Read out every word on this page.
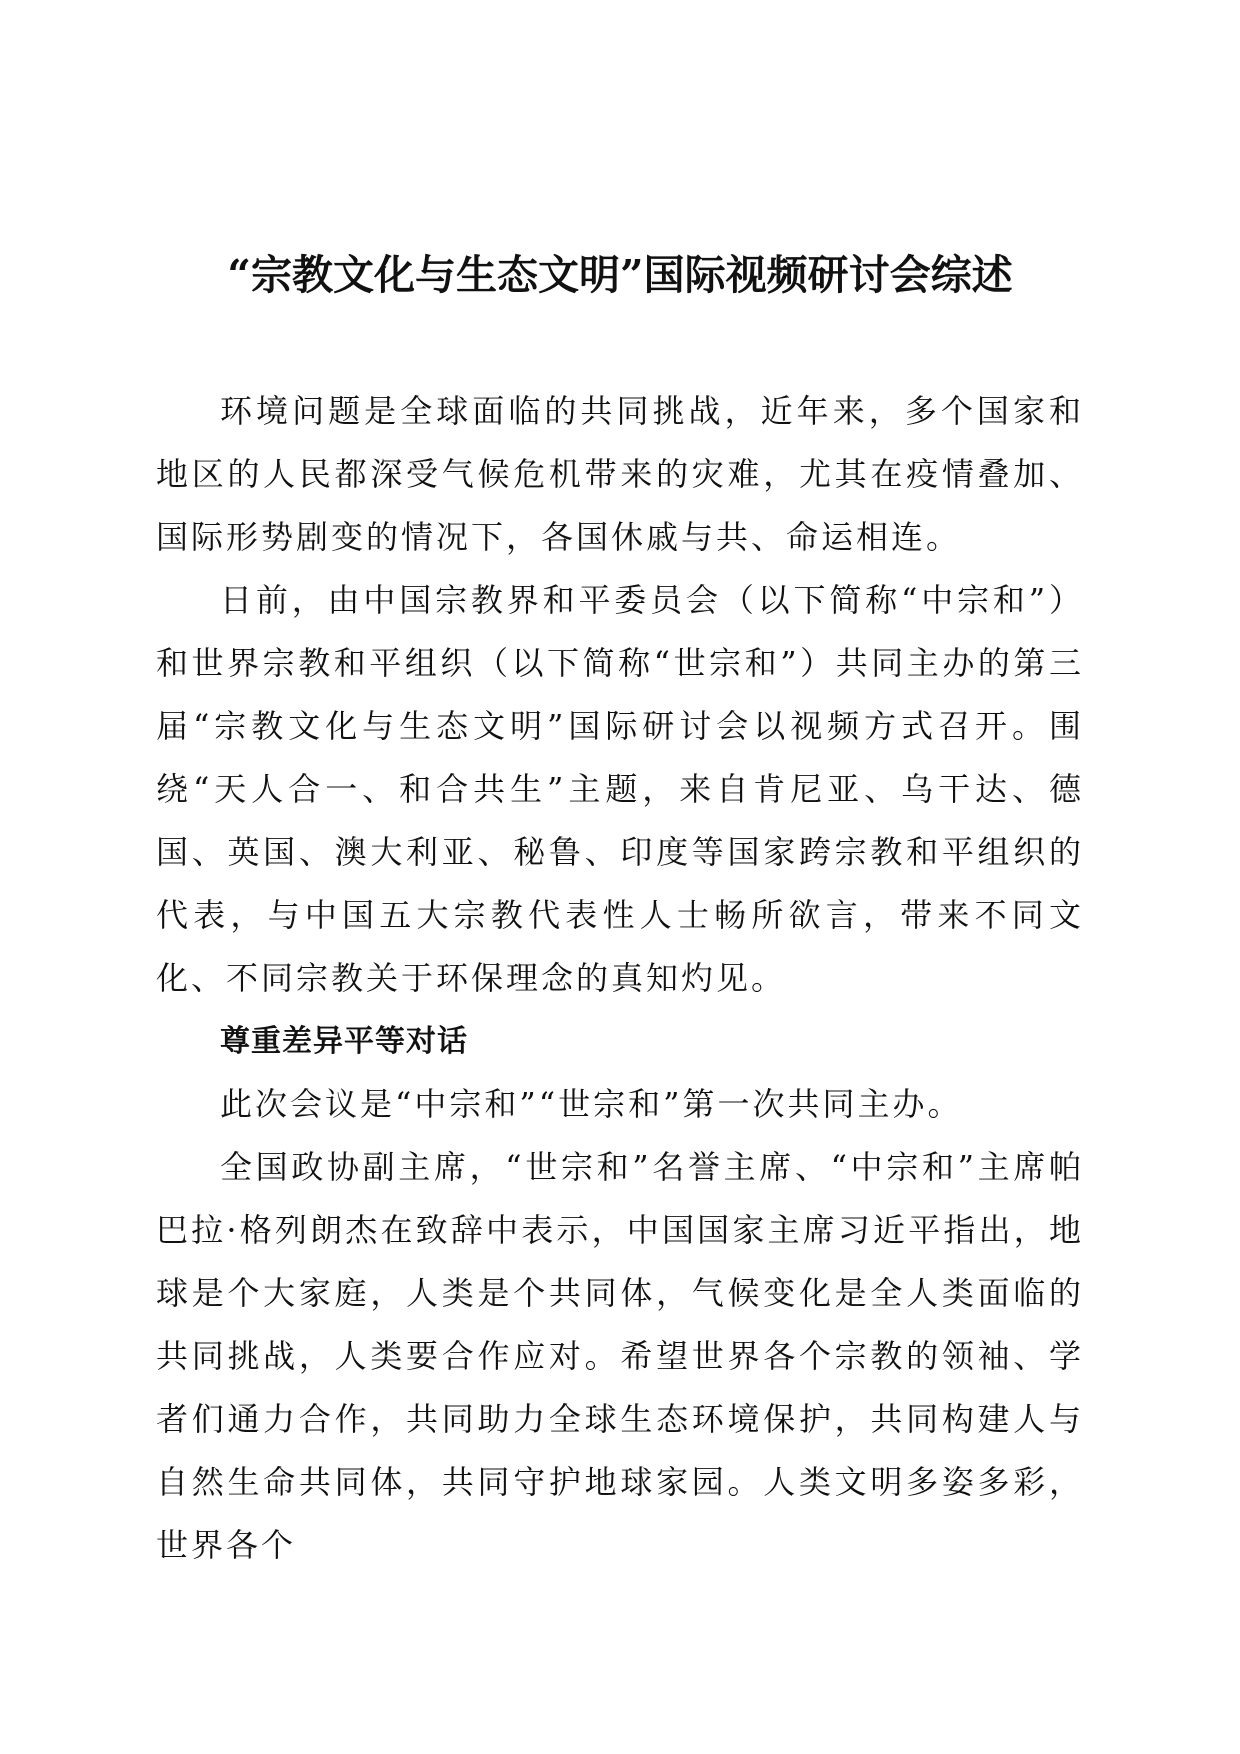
“宗教文化与生态文明”国际视频研讨会综述

环境问题是全球面临的共同挑战，近年来，多个国家和地区的人民都深受气候危机带来的灾难，尤其在疫情叠加、国际形势剧变的情况下，各国休戚与共、命运相连。

日前，由中国宗教界和平委员会（以下简称“中宗和”）和世界宗教和平组织（以下简称“世宗和”）共同主办的第三届“宗教文化与生态文明”国际研讨会以视频方式召开。围绕“天人合一、和合共生”主题，来自肯尼亚、乌干达、德国、英国、澳大利亚、秘鲁、印度等国家跨宗教和平组织的代表，与中国五大宗教代表性人士畅所欲言，带来不同文化、不同宗教关于环保理念的真知灼见。

尊重差异平等对话

此次会议是“中宗和”“世宗和”第一次共同主办。

全国政协副主席，“世宗和”名誉主席、“中宗和”主席帕巴拉·格列朗杰在致辞中表示，中国国家主席习近平指出，地球是个大家庭，人类是个共同体，气候变化是全人类面临的共同挑战，人类要合作应对。希望世界各个宗教的领袖、学者们通力合作，共同助力全球生态环境保护，共同构建人与自然生命共同体，共同守护地球家园。人类文明多姿多彩，世界各个
